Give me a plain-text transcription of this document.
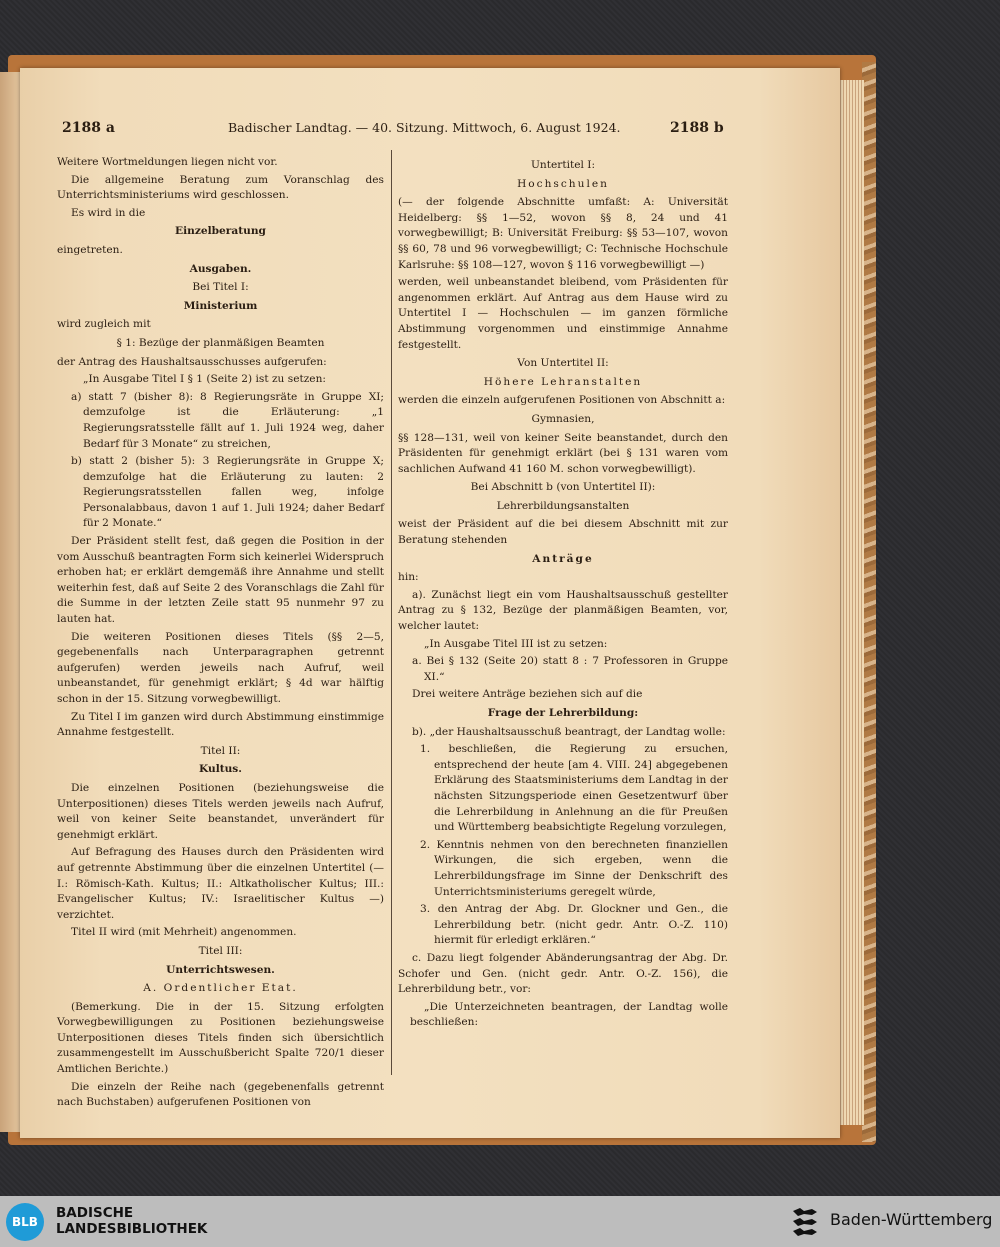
2188 a	Badischer Landtag. — 40. Sitzung. Mittwoch, 6. August 1924.	2188 b

Weitere Wortmeldungen liegen nicht vor.

Die allgemeine Beratung zum Voranschlag des Unterrichtsministeriums wird geschlossen.

Es wird in die

Einzelberatung

eingetreten.

Ausgaben.
Bei Titel I:
Ministerium

wird zugleich mit

§ 1: Bezüge der planmäßigen Beamten

der Antrag des Haushaltsausschusses aufgerufen:

„In Ausgabe Titel I § 1 (Seite 2) ist zu setzen:

a) statt 7 (bisher 8): 8 Regierungsräte in Gruppe XI; demzufolge ist die Erläuterung: „1 Regierungsratsstelle fällt auf 1. Juli 1924 weg, daher Bedarf für 3 Monate“ zu streichen,

b) statt 2 (bisher 5): 3 Regierungsräte in Gruppe X; demzufolge hat die Erläuterung zu lauten: 2 Regierungsratsstellen fallen weg, infolge Personalabbaus, davon 1 auf 1. Juli 1924; daher Bedarf für 2 Monate.“

Der Präsident stellt fest, daß gegen die Position in der vom Ausschuß beantragten Form sich keinerlei Widerspruch erhoben hat; er erklärt demgemäß ihre Annahme und stellt weiterhin fest, daß auf Seite 2 des Voranschlags die Zahl für die Summe in der letzten Zeile statt 95 nunmehr 97 zu lauten hat.

Die weiteren Positionen dieses Titels (§§ 2—5, gegebenenfalls nach Unterparagraphen getrennt aufgerufen) werden jeweils nach Aufruf, weil unbeanstandet, für genehmigt erklärt; § 4d war hälftig schon in der 15. Sitzung vorwegbewilligt.

Zu Titel I im ganzen wird durch Abstimmung einstimmige Annahme festgestellt.

Titel II:
Kultus.

Die einzelnen Positionen (beziehungsweise die Unterpositionen) dieses Titels werden jeweils nach Aufruf, weil von keiner Seite beanstandet, unverändert für genehmigt erklärt.

Auf Befragung des Hauses durch den Präsidenten wird auf getrennte Abstimmung über die einzelnen Untertitel (— I.: Römisch-Kath. Kultus; II.: Altkatholischer Kultus; III.: Evangelischer Kultus; IV.: Israelitischer Kultus —) verzichtet.

Titel II wird (mit Mehrheit) angenommen.

Titel III:
Unterrichtswesen.
A. Ordentlicher Etat.

(Bemerkung. Die in der 15. Sitzung erfolgten Vorwegbewilligungen zu Positionen beziehungsweise Unterpositionen dieses Titels finden sich übersichtlich zusammengestellt im Ausschußbericht Spalte 720/1 dieser Amtlichen Berichte.)

Die einzeln der Reihe nach (gegebenenfalls getrennt nach Buchstaben) aufgerufenen Positionen von

Untertitel I:
Hochschulen

(— der folgende Abschnitte umfaßt: A: Universität Heidelberg: §§ 1—52, wovon §§ 8, 24 und 41 vorwegbewilligt; B: Universität Freiburg: §§ 53—107, wovon §§ 60, 78 und 96 vorwegbewilligt; C: Technische Hochschule Karlsruhe: §§ 108—127, wovon § 116 vorwegbewilligt —)

werden, weil unbeanstandet bleibend, vom Präsidenten für angenommen erklärt. Auf Antrag aus dem Hause wird zu Untertitel I — Hochschulen — im ganzen förmliche Abstimmung vorgenommen und einstimmige Annahme festgestellt.

Von Untertitel II:
Höhere Lehranstalten

werden die einzeln aufgerufenen Positionen von Abschnitt a:

Gymnasien,

§§ 128—131, weil von keiner Seite beanstandet, durch den Präsidenten für genehmigt erklärt (bei § 131 waren vom sachlichen Aufwand 41 160 M. schon vorwegbewilligt).

Bei Abschnitt b (von Untertitel II):
Lehrerbildungsanstalten

weist der Präsident auf die bei diesem Abschnitt mit zur Beratung stehenden

Anträge

hin:

a). Zunächst liegt ein vom Haushaltsausschuß gestellter Antrag zu § 132, Bezüge der planmäßigen Beamten, vor, welcher lautet:

„In Ausgabe Titel III ist zu setzen:

a. Bei § 132 (Seite 20) statt 8 : 7 Professoren in Gruppe XI.“

Drei weitere Anträge beziehen sich auf die

Frage der Lehrerbildung:

b). „der Haushaltsausschuß beantragt, der Landtag wolle:

1. beschließen, die Regierung zu ersuchen, entsprechend der heute [am 4. VIII. 24] abgegebenen Erklärung des Staatsministeriums dem Landtag in der nächsten Sitzungsperiode einen Gesetzentwurf über die Lehrerbildung in Anlehnung an die für Preußen und Württemberg beabsichtigte Regelung vorzulegen,

2. Kenntnis nehmen von den berechneten finanziellen Wirkungen, die sich ergeben, wenn die Lehrerbildungsfrage im Sinne der Denkschrift des Unterrichtsministeriums geregelt würde,

3. den Antrag der Abg. Dr. Glockner und Gen., die Lehrerbildung betr. (nicht gedr. Antr. O.-Z. 110) hiermit für erledigt erklären.“

c. Dazu liegt folgender Abänderungsantrag der Abg. Dr. Schofer und Gen. (nicht gedr. Antr. O.-Z. 156), die Lehrerbildung betr., vor:

„Die Unterzeichneten beantragen, der Landtag wolle beschließen:

BLB
BADISCHE
LANDESBIBLIOTHEK	Baden-Württemberg
